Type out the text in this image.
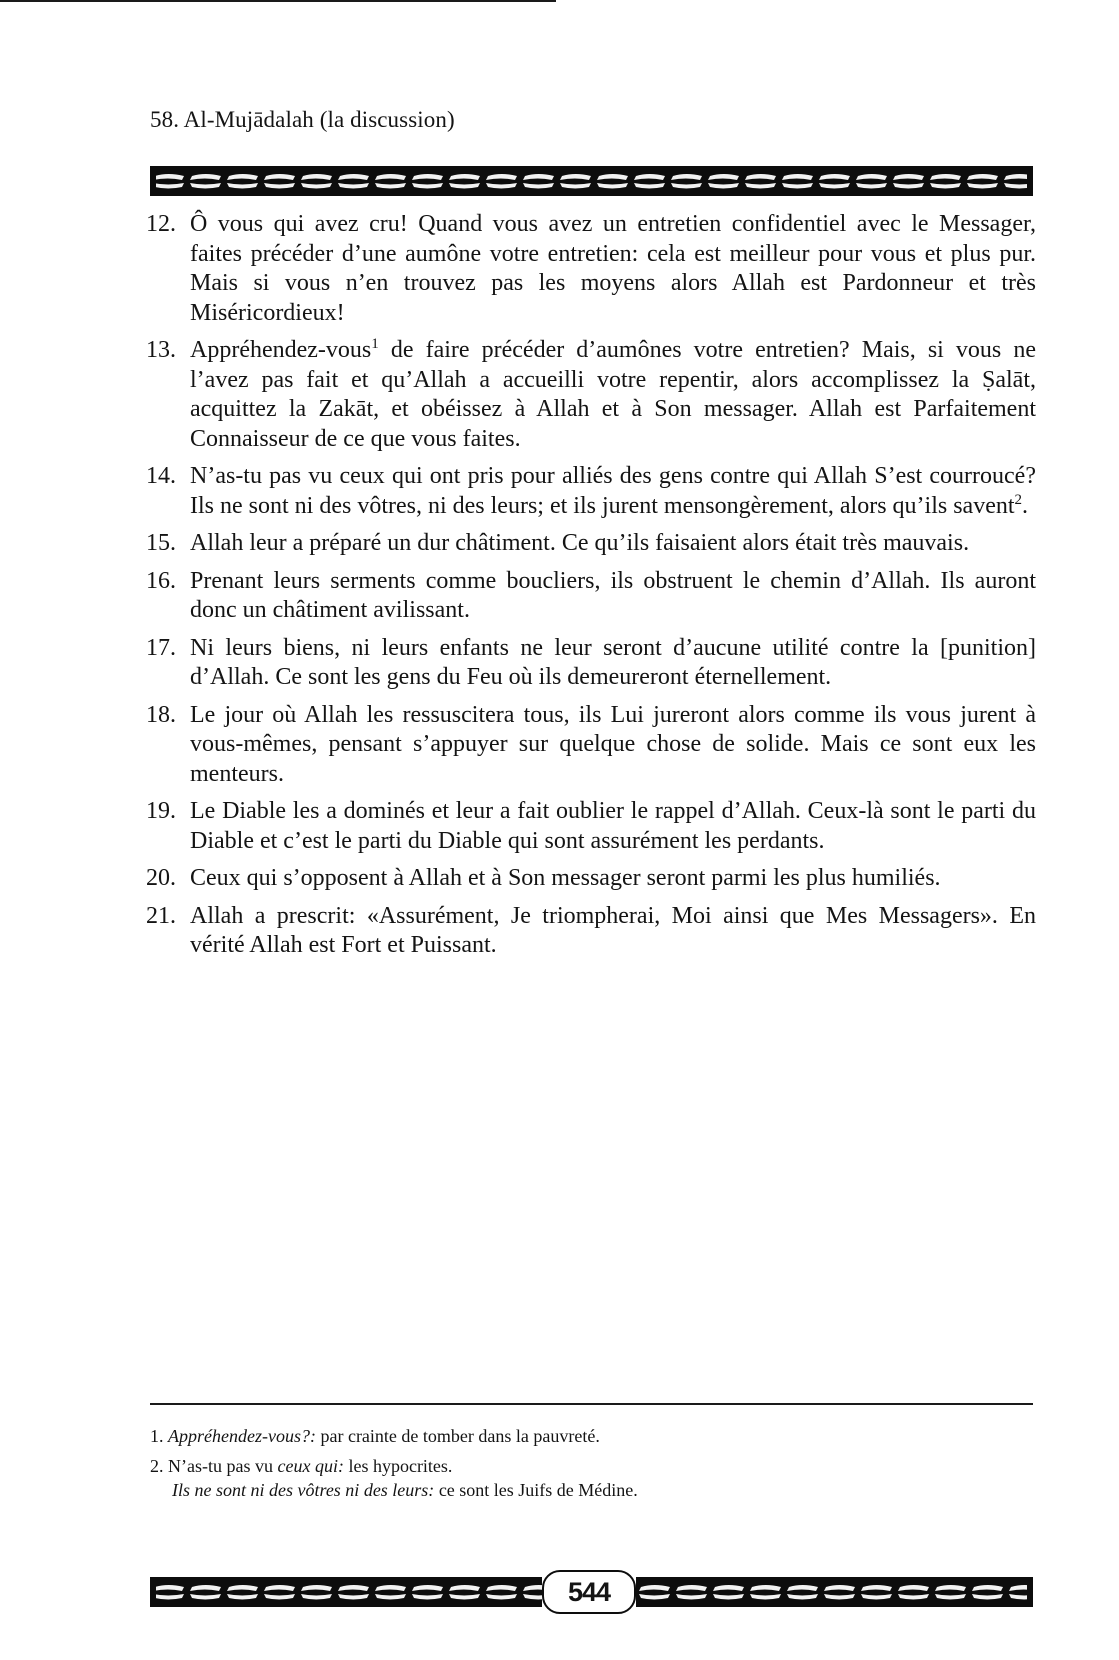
58. Al-Mujādalah (la discussion)
12. Ô vous qui avez cru! Quand vous avez un entretien confidentiel avec le Messager, faites précéder d’une aumône votre entretien: cela est meilleur pour vous et plus pur. Mais si vous n’en trouvez pas les moyens alors Allah est Pardonneur et très Miséricordieux!
13. Appréhendez-vous$^1$ de faire précéder d’aumônes votre entretien? Mais, si vous ne l’avez pas fait et qu’Allah a accueilli votre repentir, alors accomplissez la Ṣalāt, acquittez la Zakāt, et obéissez à Allah et à Son messager. Allah est Parfaitement Connaisseur de ce que vous faites.
14. N’as-tu pas vu ceux qui ont pris pour alliés des gens contre qui Allah S’est courroucé? Ils ne sont ni des vôtres, ni des leurs; et ils jurent mensongèrement, alors qu’ils savent$^2$.
15. Allah leur a préparé un dur châtiment. Ce qu’ils faisaient alors était très mauvais.
16. Prenant leurs serments comme boucliers, ils obstruent le chemin d’Allah. Ils auront donc un châtiment avilissant.
17. Ni leurs biens, ni leurs enfants ne leur seront d’aucune utilité contre la [punition] d’Allah. Ce sont les gens du Feu où ils demeureront éternellement.
18. Le jour où Allah les ressuscitera tous, ils Lui jureront alors comme ils vous jurent à vous-mêmes, pensant s’appuyer sur quelque chose de solide. Mais ce sont eux les menteurs.
19. Le Diable les a dominés et leur a fait oublier le rappel d’Allah. Ceux-là sont le parti du Diable et c’est le parti du Diable qui sont assurément les perdants.
20. Ceux qui s’opposent à Allah et à Son messager seront parmi les plus humiliés.
21. Allah a prescrit: «Assurément, Je triompherai, Moi ainsi que Mes Messagers». En vérité Allah est Fort et Puissant.

1. Appréhendez-vous?: par crainte de tomber dans la pauvreté.

2. N’as-tu pas vu ceux qui: les hypocrites.

Ils ne sont ni des vôtres ni des leurs: ce sont les Juifs de Médine.

544
